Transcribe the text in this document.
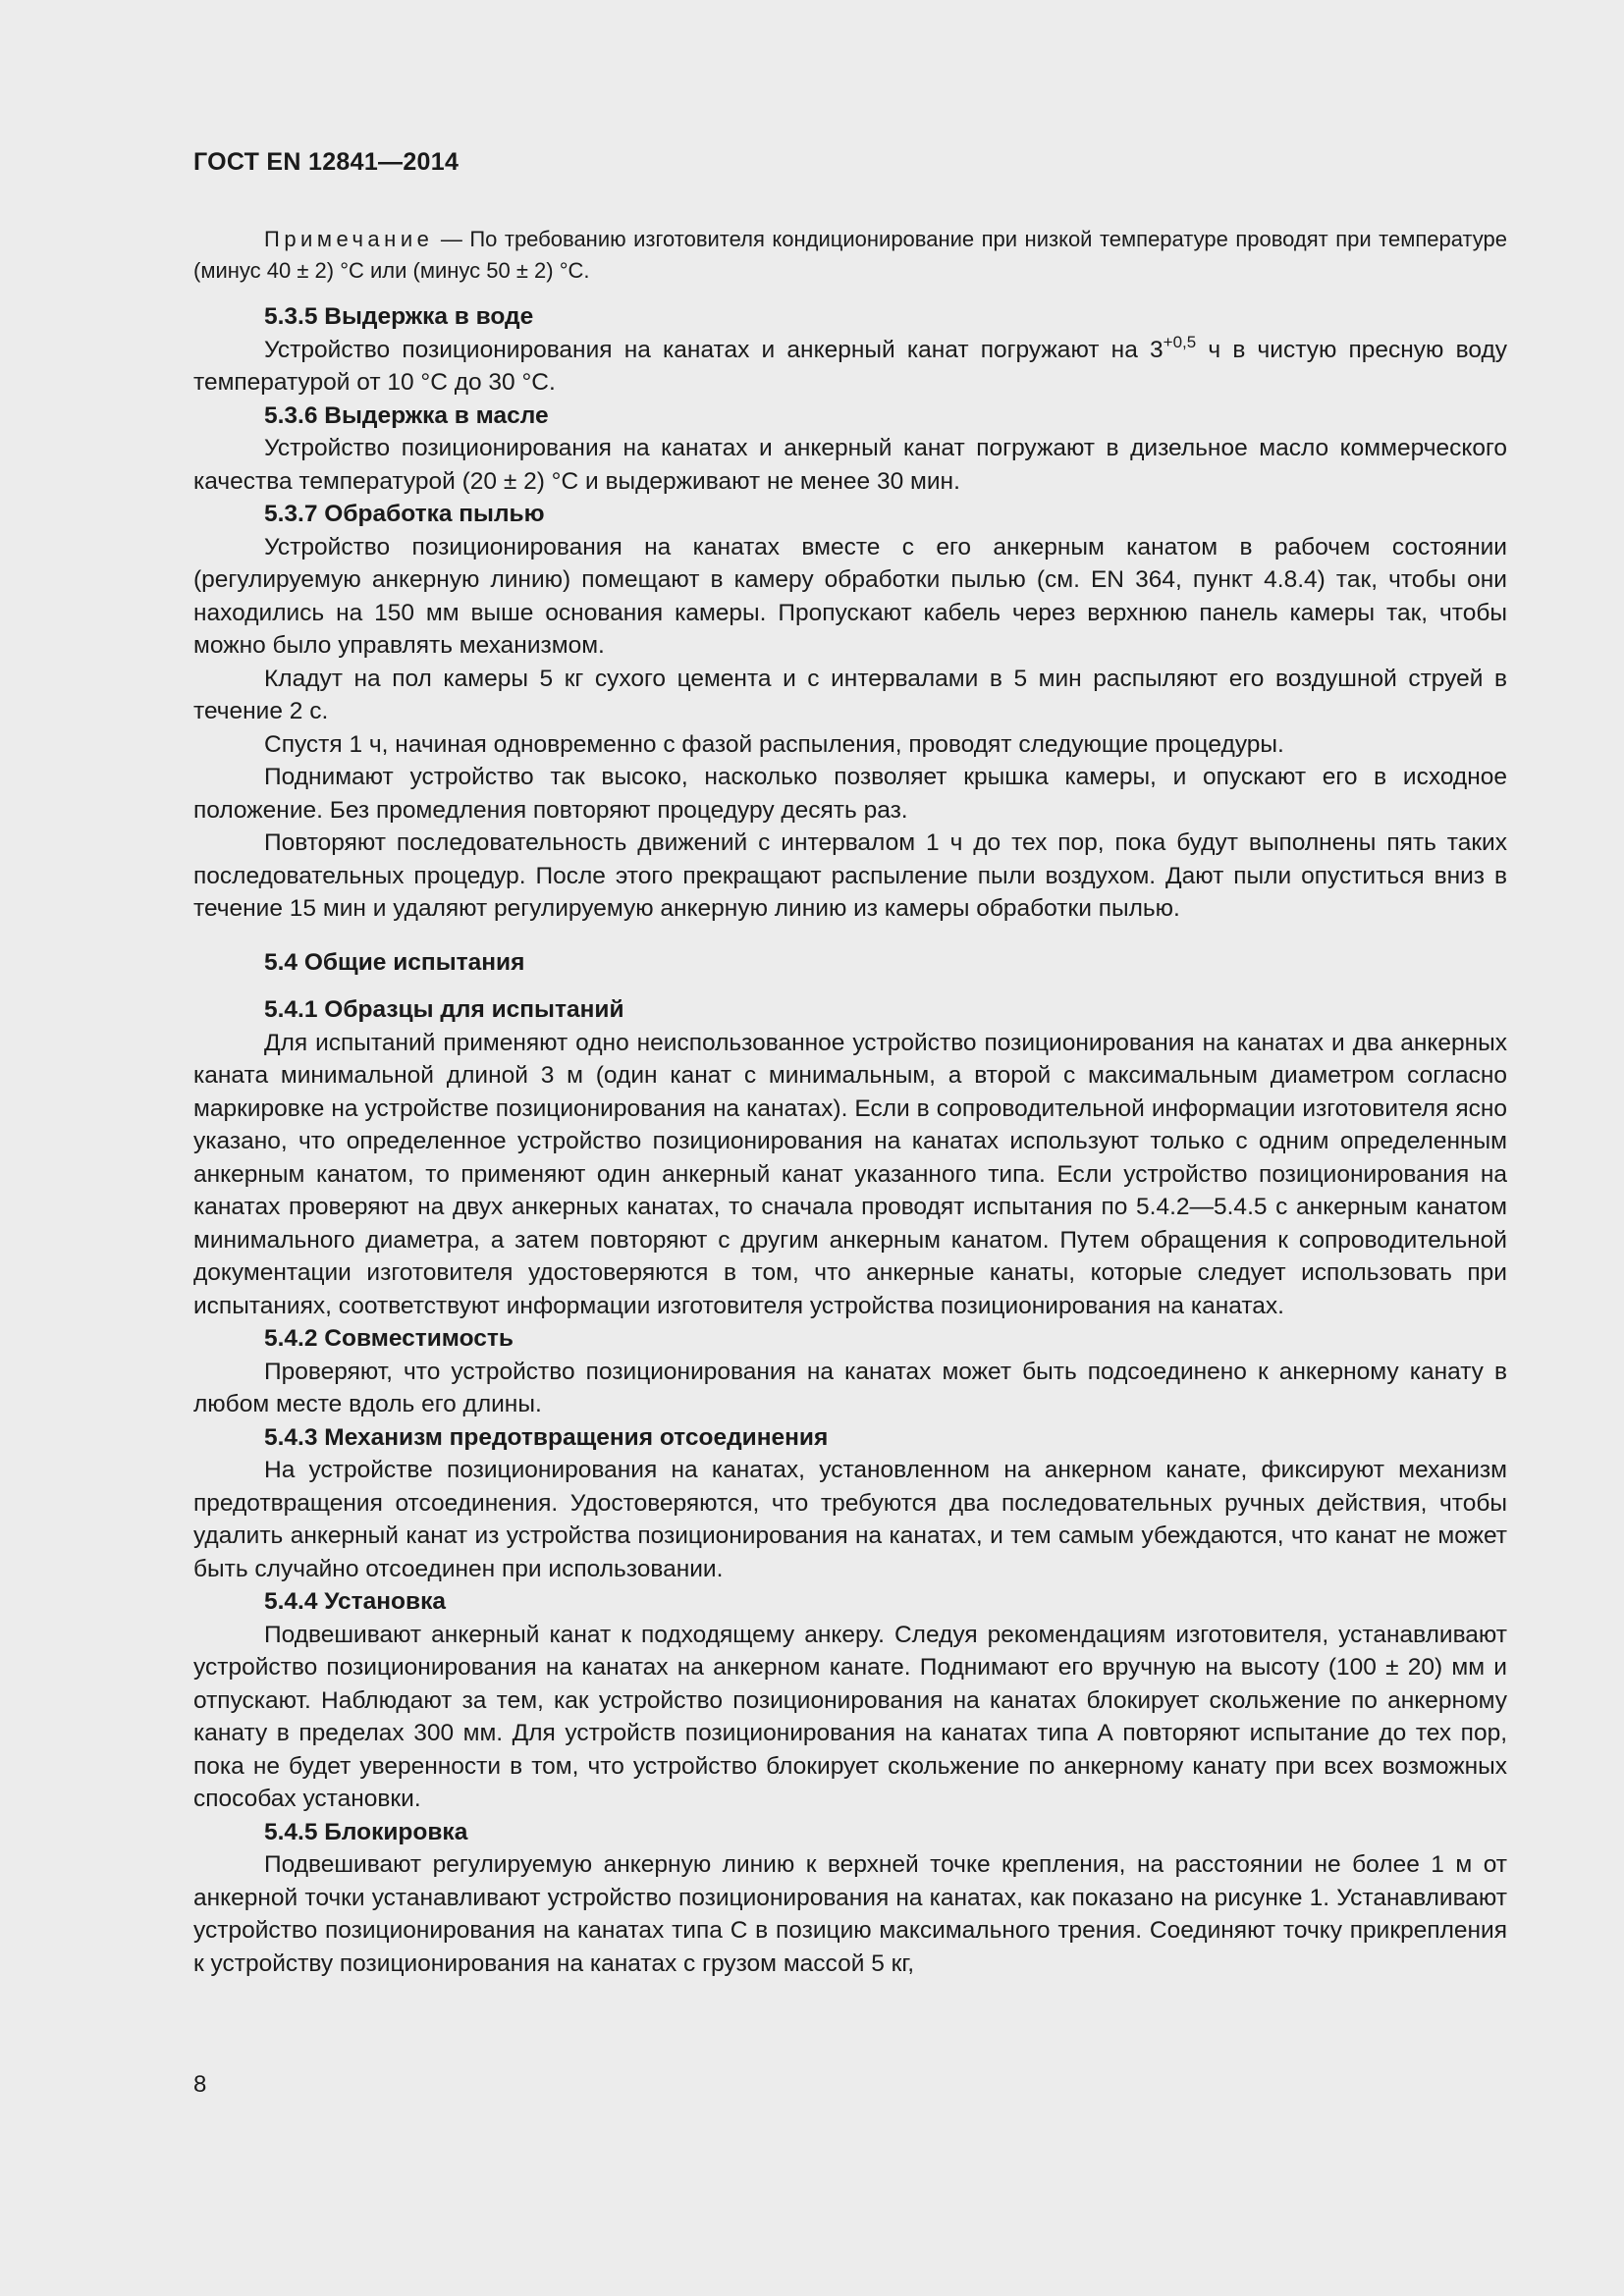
ГОСТ EN 12841—2014
Примечание — По требованию изготовителя кондиционирование при низкой температуре проводят при температуре (минус 40 ± 2) °С или (минус 50 ± 2) °С.
5.3.5 Выдержка в воде

Устройство позиционирования на канатах и анкерный канат погружают на $3^{+0,5}$ ч в чистую пресную воду температурой от 10 °С до 30 °С.

5.3.6 Выдержка в масле

Устройство позиционирования на канатах и анкерный канат погружают в дизельное масло коммерческого качества температурой (20 ± 2) °С и выдерживают не менее 30 мин.

5.3.7 Обработка пылью

Устройство позиционирования на канатах вместе с его анкерным канатом в рабочем состоянии (регулируемую анкерную линию) помещают в камеру обработки пылью (см. EN 364, пункт 4.8.4) так, чтобы они находились на 150 мм выше основания камеры. Пропускают кабель через верхнюю панель камеры так, чтобы можно было управлять механизмом.

Кладут на пол камеры 5 кг сухого цемента и с интервалами в 5 мин распыляют его воздушной струей в течение 2 с.

Спустя 1 ч, начиная одновременно с фазой распыления, проводят следующие процедуры.

Поднимают устройство так высоко, насколько позволяет крышка камеры, и опускают его в исходное положение. Без промедления повторяют процедуру десять раз.

Повторяют последовательность движений с интервалом 1 ч до тех пор, пока будут выполнены пять таких последовательных процедур. После этого прекращают распыление пыли воздухом. Дают пыли опуститься вниз в течение 15 мин и удаляют регулируемую анкерную линию из камеры обработки пылью.

5.4 Общие испытания
5.4.1 Образцы для испытаний

Для испытаний применяют одно неиспользованное устройство позиционирования на канатах и два анкерных каната минимальной длиной 3 м (один канат с минимальным, а второй с максимальным диаметром согласно маркировке на устройстве позиционирования на канатах). Если в сопроводительной информации изготовителя ясно указано, что определенное устройство позиционирования на канатах используют только с одним определенным анкерным канатом, то применяют один анкерный канат указанного типа. Если устройство позиционирования на канатах проверяют на двух анкерных канатах, то сначала проводят испытания по 5.4.2—5.4.5 с анкерным канатом минимального диаметра, а затем повторяют с другим анкерным канатом. Путем обращения к сопроводительной документации изготовителя удостоверяются в том, что анкерные канаты, которые следует использовать при испытаниях, соответствуют информации изготовителя устройства позиционирования на канатах.

5.4.2 Совместимость

Проверяют, что устройство позиционирования на канатах может быть подсоединено к анкерному канату в любом месте вдоль его длины.

5.4.3 Механизм предотвращения отсоединения

На устройстве позиционирования на канатах, установленном на анкерном канате, фиксируют механизм предотвращения отсоединения. Удостоверяются, что требуются два последовательных ручных действия, чтобы удалить анкерный канат из устройства позиционирования на канатах, и тем самым убеждаются, что канат не может быть случайно отсоединен при использовании.

5.4.4 Установка

Подвешивают анкерный канат к подходящему анкеру. Следуя рекомендациям изготовителя, устанавливают устройство позиционирования на канатах на анкерном канате. Поднимают его вручную на высоту (100 ± 20) мм и отпускают. Наблюдают за тем, как устройство позиционирования на канатах блокирует скольжение по анкерному канату в пределах 300 мм. Для устройств позиционирования на канатах типа А повторяют испытание до тех пор, пока не будет уверенности в том, что устройство блокирует скольжение по анкерному канату при всех возможных способах установки.

5.4.5 Блокировка

Подвешивают регулируемую анкерную линию к верхней точке крепления, на расстоянии не более 1 м от анкерной точки устанавливают устройство позиционирования на канатах, как показано на рисунке 1. Устанавливают устройство позиционирования на канатах типа С в позицию максимального трения. Соединяют точку прикрепления к устройству позиционирования на канатах с грузом массой 5 кг,

8
